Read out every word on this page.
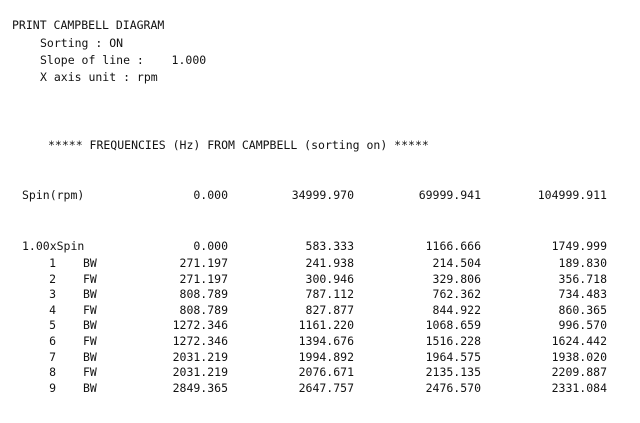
PRINT CAMPBELL DIAGRAM
Sorting : ON
Slope of line :    1.000
X axis unit : rpm
***** FREQUENCIES (Hz) FROM CAMPBELL (sorting on) *****
Spin(rpm)	0.000	34999.970	69999.941	104999.911
1.00xSpin	0.000	583.333	1166.666	1749.999
1 BW	271.197	241.938	214.504	189.830
2 FW	271.197	300.946	329.806	356.718
3 BW	808.789	787.112	762.362	734.483
4 FW	808.789	827.877	844.922	860.365
5 BW	1272.346	1161.220	1068.659	996.570
6 FW	1272.346	1394.676	1516.228	1624.442
7 BW	2031.219	1994.892	1964.575	1938.020
8 FW	2031.219	2076.671	2135.135	2209.887
9 BW	2849.365	2647.757	2476.570	2331.084
